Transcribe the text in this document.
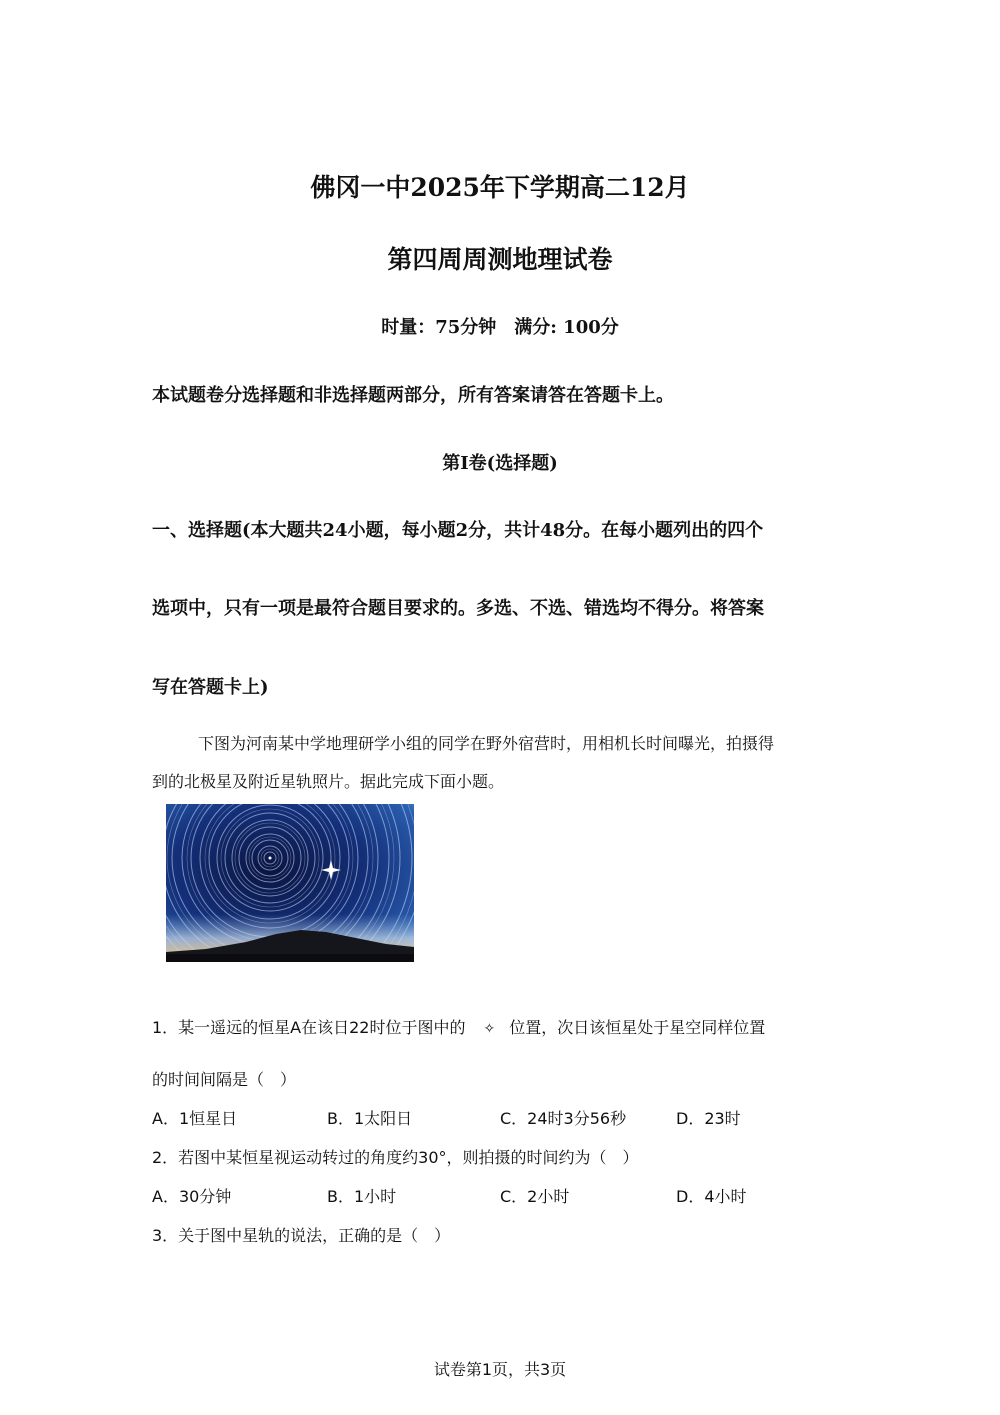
佛冈一中2025年下学期高二12月
第四周周测地理试卷
时量：75分钟　满分: 100分
本试题卷分选择题和非选择题两部分，所有答案请答在答题卡上。
第Ⅰ卷(选择题)
一、选择题(本大题共24小题，每小题2分，共计48分。在每小题列出的四个
选项中，只有一项是最符合题目要求的。多选、不选、错选均不得分。将答案
写在答题卡上)
下图为河南某中学地理研学小组的同学在野外宿营时，用相机长时间曝光，拍摄得
到的北极星及附近星轨照片。据此完成下面小题。
1．某一遥远的恒星A在该日22时位于图中的 ✧ 位置，次日该恒星处于星空同样位置
的时间间隔是（　）
A．1恒星日	B．1太阳日	C．24时3分56秒	D．23时
2．若图中某恒星视运动转过的角度约30°，则拍摄的时间约为（　）
A．30分钟	B．1小时	C．2小时	D．4小时
3．关于图中星轨的说法，正确的是（　）
试卷第1页，共3页
